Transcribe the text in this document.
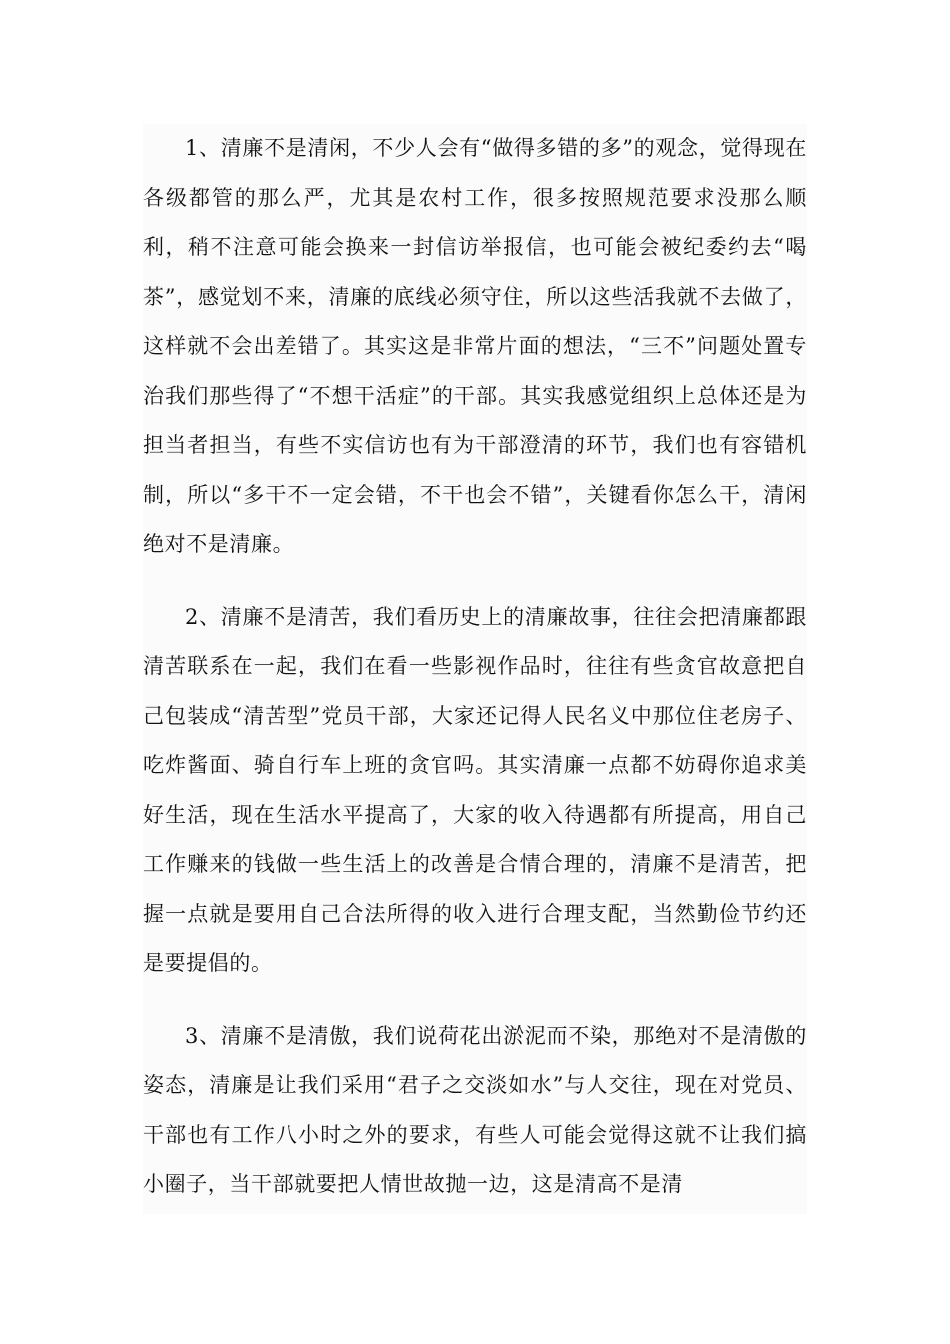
1、清廉不是清闲，不少人会有“做得多错的多”的观念，觉得现在各级都管的那么严，尤其是农村工作，很多按照规范要求没那么顺利，稍不注意可能会换来一封信访举报信，也可能会被纪委约去“喝茶”，感觉划不来，清廉的底线必须守住，所以这些活我就不去做了，这样就不会出差错了。其实这是非常片面的想法，“三不”问题处置专治我们那些得了“不想干活症”的干部。其实我感觉组织上总体还是为担当者担当，有些不实信访也有为干部澄清的环节，我们也有容错机制，所以“多干不一定会错，不干也会不错”，关键看你怎么干，清闲绝对不是清廉。

2、清廉不是清苦，我们看历史上的清廉故事，往往会把清廉都跟清苦联系在一起，我们在看一些影视作品时，往往有些贪官故意把自己包装成“清苦型”党员干部，大家还记得人民名义中那位住老房子、吃炸酱面、骑自行车上班的贪官吗。其实清廉一点都不妨碍你追求美好生活，现在生活水平提高了，大家的收入待遇都有所提高，用自己工作赚来的钱做一些生活上的改善是合情合理的，清廉不是清苦，把握一点就是要用自己合法所得的收入进行合理支配，当然勤俭节约还是要提倡的。

3、清廉不是清傲，我们说荷花出淤泥而不染，那绝对不是清傲的姿态，清廉是让我们采用“君子之交淡如水”与人交往，现在对党员、干部也有工作八小时之外的要求，有些人可能会觉得这就不让我们搞小圈子，当干部就要把人情世故抛一边，这是清高不是清
